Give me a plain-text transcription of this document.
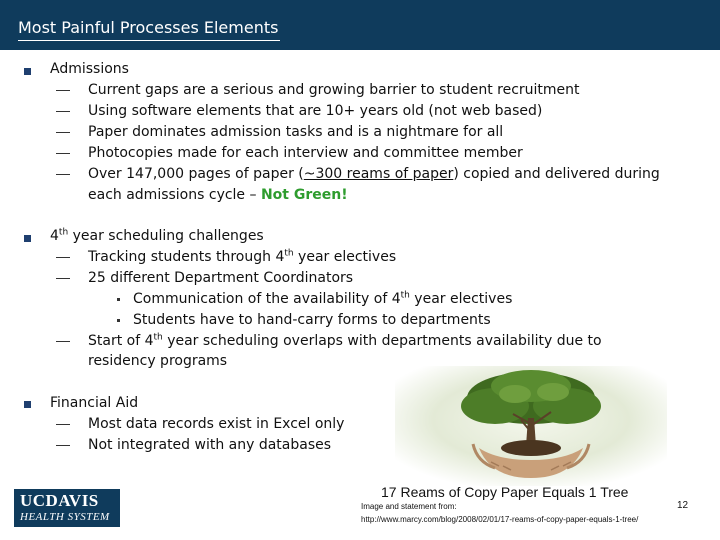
Most Painful Processes Elements
Admissions
Current gaps are a serious and growing barrier to student recruitment
Using software elements that are 10+ years old (not web based)
Paper dominates admission tasks and is a nightmare for all
Photocopies made for each interview and committee member
Over 147,000 pages of paper (~300 reams of paper) copied and delivered during
each admissions cycle – Not Green!
4th year scheduling challenges
Tracking students through 4th year electives
25 different Department Coordinators
Communication of the availability of 4th year electives
Students have to hand-carry forms to departments
Start of 4th year scheduling overlaps with departments availability due to
residency programs
Financial Aid
Most data records exist in Excel only
Not integrated with any databases
17 Reams of Copy Paper Equals 1 Tree
Image and statement from:
http://www.marcy.com/blog/2008/02/01/17-reams-of-copy-paper-equals-1-tree/
12
UCDAVIS
HEALTH SYSTEM
